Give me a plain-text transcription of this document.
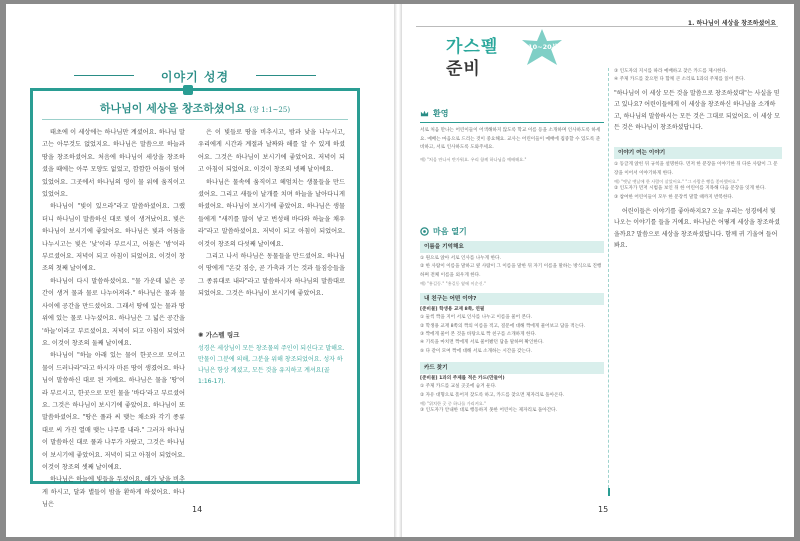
이야기 성경
하나님이 세상을 창조하셨어요 (창 1:1~25)

태초에 이 세상에는 하나님만 계셨어요. 하나님 말고는 아무것도 없었지요. 하나님은 말씀으로 하늘과 땅을 창조하셨어요. 처음에 하나님이 세상을 창조하셨을 때에는 아무 모양도 없었고, 깜깜한 어둠이 덮여 있었어요. 그곳에서 하나님의 영이 물 위에 움직이고 있었어요.

하나님이 "빛이 있으라"라고 말씀하셨어요. 그랬더니 하나님이 말씀하신 대로 빛이 생겨났어요. 빛은 하나님이 보시기에 좋았어요. 하나님은 빛과 어둠을 나누시고는 빛은 '낮'이라 부르시고, 어둠은 '밤'이라 부르셨어요. 저녁이 되고 아침이 되었어요. 이것이 창조의 첫째 날이에요.

하나님이 다시 말씀하셨어요. "물 가운데 넓은 공간이 생겨 물과 물로 나누어져라." 하나님은 물과 물 사이에 공간을 만드셨어요. 그래서 땅에 있는 물과 땅 위에 있는 물로 나누셨어요. 하나님은 그 넓은 공간을 '하늘'이라고 부르셨어요. 저녁이 되고 아침이 되었어요. 이것이 창조의 둘째 날이에요.

하나님이 "하늘 아래 있는 물이 한곳으로 모이고 물이 드러나라"라고 하시자 마른 땅이 생겼어요. 하나님이 말씀하신 대로 된 거예요. 하나님은 물을 '땅'이라 부르시고, 한곳으로 모인 물을 '바다'라고 부르셨어요. 그것은 하나님이 보시기에 좋았어요. 하나님이 또 말씀하셨어요. "땅은 풀과 씨 맺는 채소와 각기 종류대로 씨 가진 열매 맺는 나무를 내라." 그러자 하나님이 말씀하신 대로 풀과 나무가 자랐고, 그것은 하나님이 보시기에 좋았어요. 저녁이 되고 아침이 되었어요. 이것이 창조의 셋째 날이에요.

하나님은 하늘에 빛들을 두셨어요. 해가 낮을 비추게 하시고, 달과 별들이 밤을 환하게 하셨어요. 하나님은

은 이 빛들로 땅을 비추시고, 밤과 낮을 나누시고, 우리에게 시간과 계절과 날짜와 해를 알 수 있게 하셨어요. 그것은 하나님이 보시기에 좋았어요. 저녁이 되고 아침이 되었어요. 이것이 창조의 넷째 날이에요.

하나님은 물속에 움직이고 헤엄치는 생물들을 만드셨어요. 그리고 새들이 날개를 치며 하늘을 날아다니게 하셨어요. 하나님이 보시기에 좋았어요. 하나님은 생물들에게 "새끼를 많이 낳고 번성해 바다와 하늘을 채우라"라고 말씀하셨어요. 저녁이 되고 아침이 되었어요. 이것이 창조의 다섯째 날이에요.

그리고 나서 하나님은 동물들을 만드셨어요. 하나님이 땅에게 "온갖 짐승, 곧 가축과 기는 것과 들짐승들을 그 종류대로 내라"라고 말씀하시자 하나님의 말씀대로 되었어요. 그것은 하나님이 보시기에 좋았어요.

✺ 가스펠 링크
성경은 세상님이 모든 창조물의 주인이 되신다고 말해요. 만물이 그분에 의해, 그분을 위해 창조되었어요. 성자 하나님은 항상 계셨고, 모든 것을 유지하고 계셔요(골 1:16-17).
14
1. 하나님이 세상을 창조하셨어요
가스펠
준비
10~20분
환영
서로 처음 만나는 어린이들이 어색해하지 않도록 학교 이름 등을 소개하며 인사하도록 하세요. 예배는 마음으로 드리는 것이 중요해요. 교사는 어린이들이 예배에 집중할 수 있도록 준비하고, 서로 인사하도록 도와주세요.
예) "처음 만나서 반가워요. 우리 함께 하나님을 예배해요."
마음 열기
이름을 기억해요

① 원으로 앉아 서로 인사를 나누게 한다.

② 한 사람이 이름을 말하고 옆 사람이 그 이름을 말한 뒤 자기 이름을 말하는 방식으로 진행하며 전체 이름을 외우게 한다.

예) "홍길동." "홍길동 옆에 이순신."

내 친구는 어떤 이야?
[준비물] 학생용 교재 8쪽, 연필

① 둘씩 짝을 지어 서로 인사를 나누고 이름을 물어 본다.

② 학생용 교재 8쪽의 짝의 이름을 적고, 질문에 대해 짝에게 물어보고 답을 적는다.

③ 짝에게 물어 본 것을 바탕으로 짝 친구를 소개하게 한다.

④ 기록을 마치면 짝에게 서로 물어봤던 답을 말하며 확인한다.

⑤ 다 같이 모여 짝에 대해 서로 소개하는 시간을 갖는다.

카드 찾기
[준비물] 1과의 주제를 적은 카드(만들어)

① 주제 카드를 교실 곳곳에 숨겨 둔다.

② 자유 대형으로 흩어져 찾도록 하고, 카드를 찾으면 제자리로 돌아온다.

예) "위치한 곳 중 하나를 가리켜요."

③ 인도자가 안내한 대로 행동하지 못한 어린이는 제자리로 돌아간다.

③ 인도자의 지시를 따라 예배하고 찾은 카드를 제시한다.

④ 주제 카드를 찾으면 다 함께 큰 소리로 1과의 주제를 읽어 본다.

"하나님이 이 세상 모든 것을 말씀으로 창조하셨대"는 사실을 믿고 있나요? 어린이들에게 이 세상을 창조하신 하나님을 소개하고, 하나님의 말씀하시는 모든 것은 그대로 되었어요. 이 세상 모든 것은 하나님이 창조하셨답니다.
이야기 여는 이야기

① 동글게 앉힌 뒤 규칙을 설명한다. 먼저 한 분장을 이야기한 뒤 다른 사람이 그 문장을 이어서 이야기하게 한다.

예) "옛날 옛날에 한 사람이 살았어요." "그 사람은 빵을 좋아했어요."

② 인도자가 먼저 시범을 보인 뒤 한 어린이를 지목해 다음 문장을 잇게 한다.

③ 참여한 어린이들이 모두 한 문장씩 말할 때까지 반복한다.

어린이들은 이야기를 좋아하지요? 오늘 우리는 성경에서 빛 나오는 이야기를 들을 거예요. 하나님은 어떻게 세상을 창조하셨을까요? 말씀으로 세상을 창조하셨답니다. 함께 귀 기울여 들어 봐요.
15
